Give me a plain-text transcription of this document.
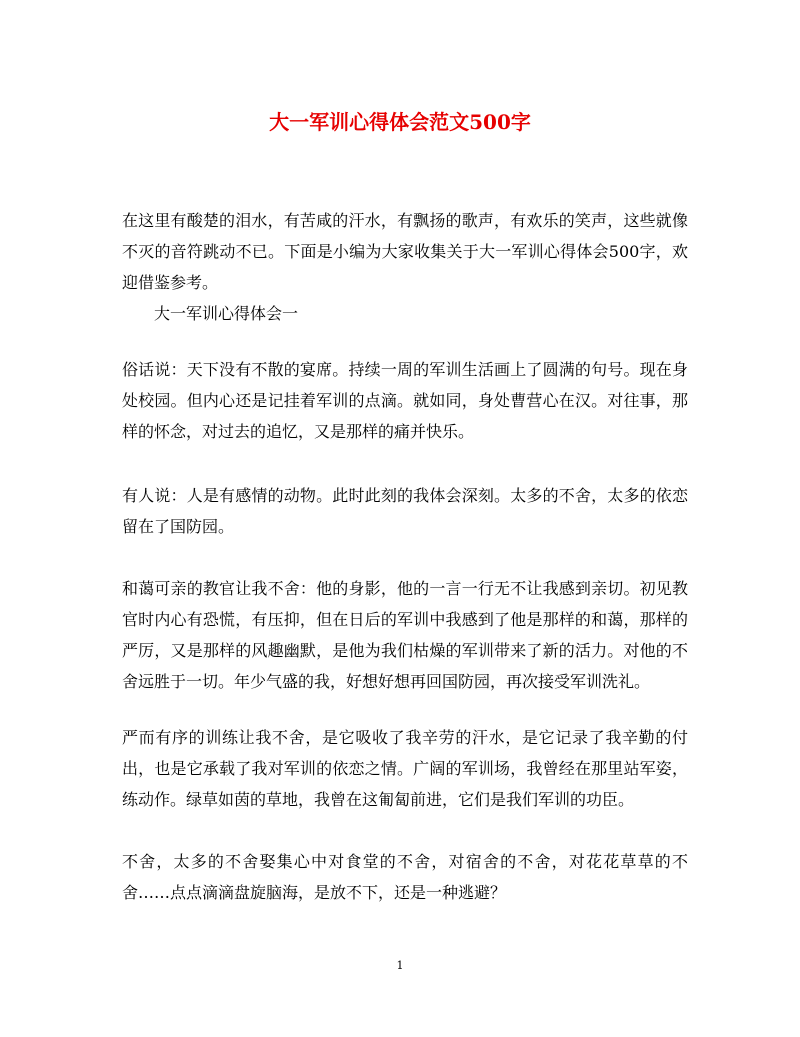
大一军训心得体会范文500字
在这里有酸楚的泪水，有苦咸的汗水，有飘扬的歌声，有欢乐的笑声，这些就像不灭的音符跳动不已。下面是小编为大家收集关于大一军训心得体会500字，欢迎借鉴参考。
大一军训心得体会一
俗话说：天下没有不散的宴席。持续一周的军训生活画上了圆满的句号。现在身处校园。但内心还是记挂着军训的点滴。就如同，身处曹营心在汉。对往事，那样的怀念，对过去的追忆，又是那样的痛并快乐。
有人说：人是有感情的动物。此时此刻的我体会深刻。太多的不舍，太多的依恋留在了国防园。
和蔼可亲的教官让我不舍：他的身影，他的一言一行无不让我感到亲切。初见教官时内心有恐慌，有压抑，但在日后的军训中我感到了他是那样的和蔼，那样的严厉，又是那样的风趣幽默，是他为我们枯燥的军训带来了新的活力。对他的不舍远胜于一切。年少气盛的我，好想好想再回国防园，再次接受军训洗礼。
严而有序的训练让我不舍，是它吸收了我辛劳的汗水，是它记录了我辛勤的付出，也是它承载了我对军训的依恋之情。广阔的军训场，我曾经在那里站军姿，练动作。绿草如茵的草地，我曾在这匍匐前进，它们是我们军训的功臣。
不舍，太多的不舍娶集心中对食堂的不舍，对宿舍的不舍，对花花草草的不舍……点点滴滴盘旋脑海，是放不下，还是一种逃避？
1
